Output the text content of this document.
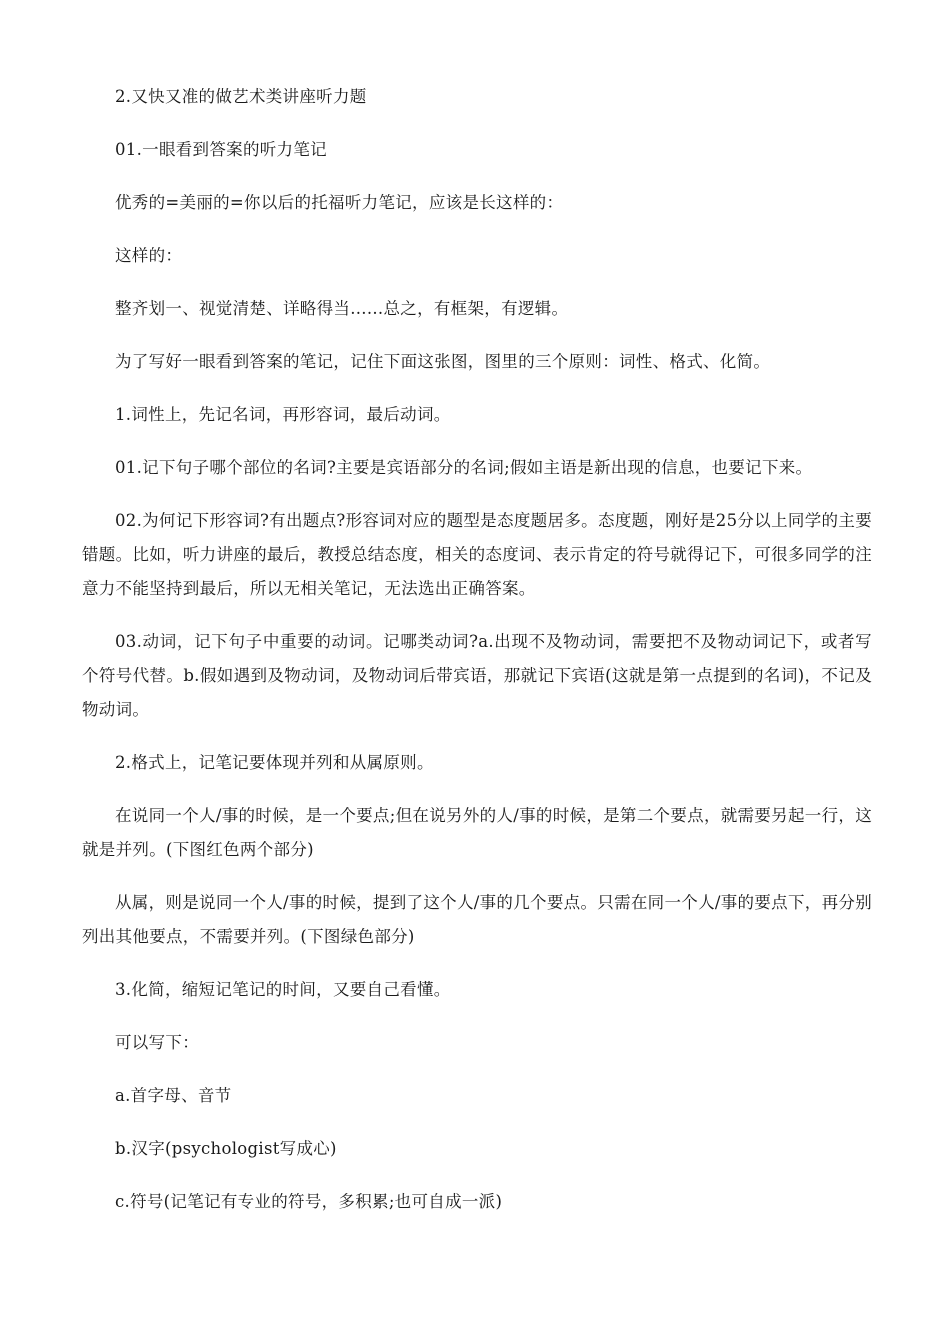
2.又快又准的做艺术类讲座听力题

01.一眼看到答案的听力笔记

优秀的=美丽的=你以后的托福听力笔记，应该是长这样的：

这样的：

整齐划一、视觉清楚、详略得当......总之，有框架，有逻辑。

为了写好一眼看到答案的笔记，记住下面这张图，图里的三个原则：词性、格式、化简。

1.词性上，先记名词，再形容词，最后动词。

01.记下句子哪个部位的名词?主要是宾语部分的名词;假如主语是新出现的信息，也要记下来。

02.为何记下形容词?有出题点?形容词对应的题型是态度题居多。态度题，刚好是25分以上同学的主要错题。比如，听力讲座的最后，教授总结态度，相关的态度词、表示肯定的符号就得记下，可很多同学的注意力不能坚持到最后，所以无相关笔记，无法选出正确答案。

03.动词，记下句子中重要的动词。记哪类动词?a.出现不及物动词，需要把不及物动词记下，或者写个符号代替。b.假如遇到及物动词，及物动词后带宾语，那就记下宾语(这就是第一点提到的名词)，不记及物动词。

2.格式上，记笔记要体现并列和从属原则。

在说同一个人/事的时候，是一个要点;但在说另外的人/事的时候，是第二个要点，就需要另起一行，这就是并列。(下图红色两个部分)

从属，则是说同一个人/事的时候，提到了这个人/事的几个要点。只需在同一个人/事的要点下，再分别列出其他要点，不需要并列。(下图绿色部分)

3.化简，缩短记笔记的时间，又要自己看懂。

可以写下：

a.首字母、音节

b.汉字(psychologist写成心)

c.符号(记笔记有专业的符号，多积累;也可自成一派)
